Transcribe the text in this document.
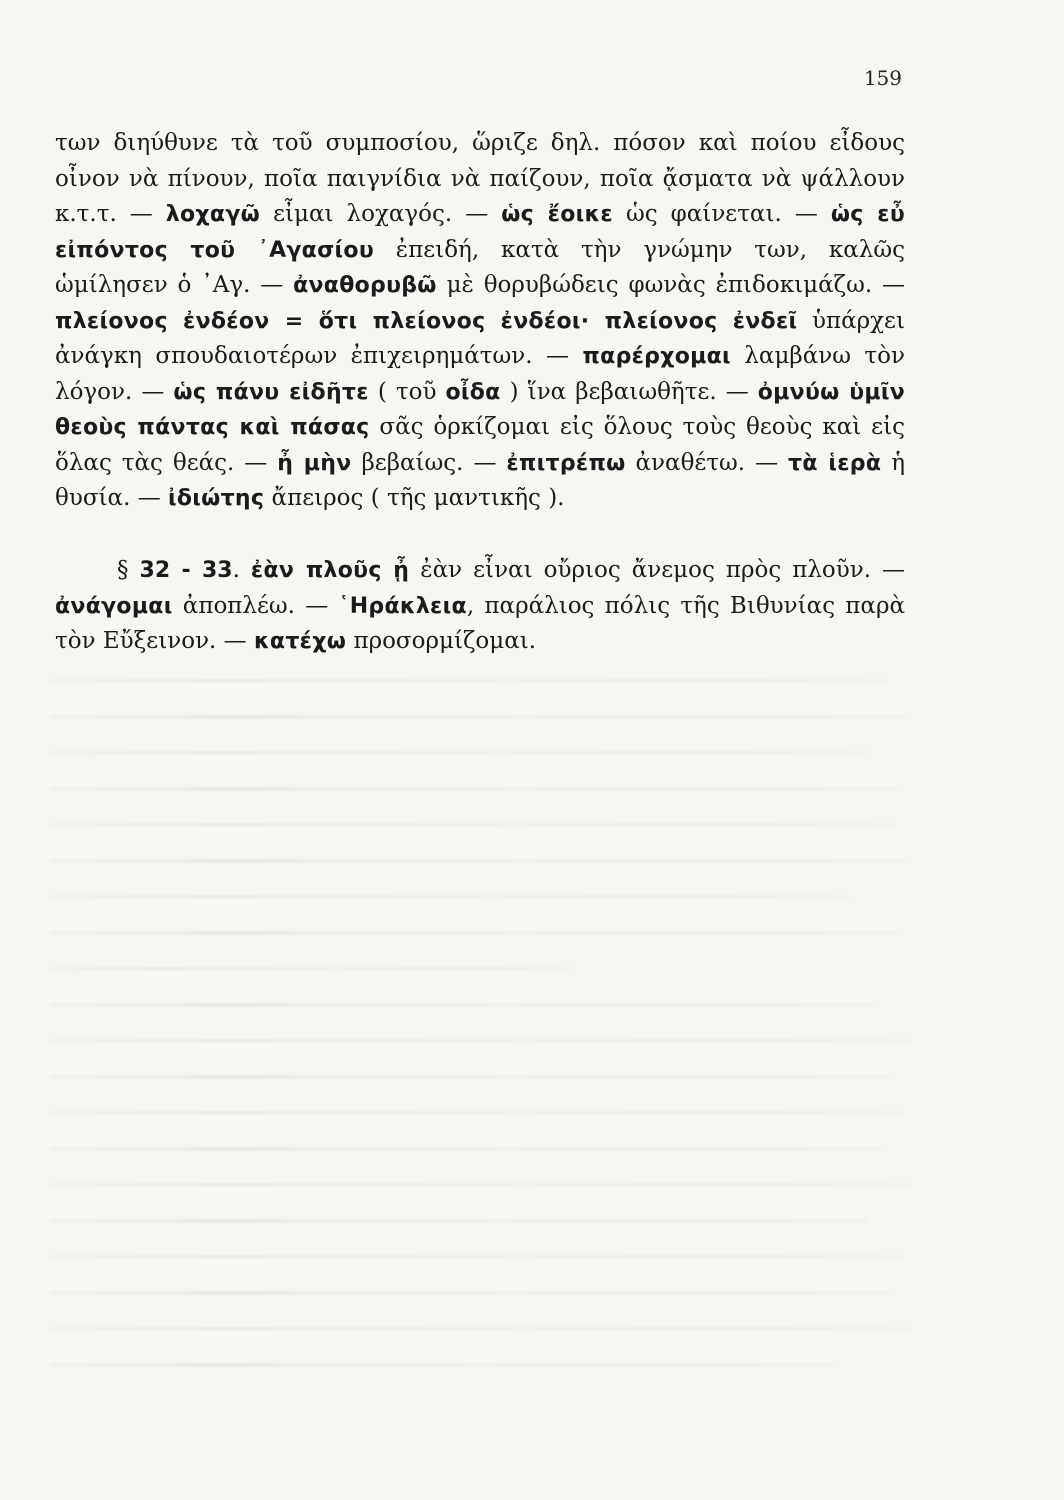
159

των διηύθυνε τὰ τοῦ συμποσίου, ὥριζε δηλ. πόσον καὶ ποίου εἶδους οἶνον νὰ πίνουν, ποῖα παιγνίδια νὰ παίζουν, ποῖα ᾄσματα νὰ ψάλλουν κ.τ.τ. — λοχαγῶ εἶμαι λοχαγός. — ὡς ἔοικε ὡς φαίνεται. — ὡς εὖ εἰπόντος τοῦ ᾿Αγασίου ἐπειδή, κατὰ τὴν γνώμην των, καλῶς ὡμίλησεν ὁ ᾿Αγ. — ἀναθορυβῶ μὲ θορυβώδεις φωνὰς ἐπιδοκιμάζω. — πλείονος ἐνδέον = ὅτι πλείονος ἐνδέοι· πλείονος ἐνδεῖ ὑπάρχει ἀνάγκη σπουδαιοτέρων ἐπιχειρημάτων. — παρέρχομαι λαμβάνω τὸν λόγον. — ὡς πάνυ εἰδῆτε ( τοῦ οἶδα ) ἵνα βεβαιωθῆτε. — ὀμνύω ὑμῖν θεοὺς πάντας καὶ πάσας σᾶς ὁρκίζομαι εἰς ὅλους τοὺς θεοὺς καὶ εἰς ὅλας τὰς θεάς. — ἦ μὴν βεβαίως. — ἐπιτρέπω ἀναθέτω. — τὰ ἱερὰ ἡ θυσία. — ἰδιώτης ἄπειρος ( τῆς μαντικῆς ).

§ 32 - 33. ἐὰν πλοῦς ᾖ ἐὰν εἶναι οὔριος ἄνεμος πρὸς πλοῦν. — ἀνάγομαι ἀποπλέω. — ῾Ηράκλεια, παράλιος πόλις τῆς Βιθυνίας παρὰ τὸν Εὔξεινον. — κατέχω προσορμίζομαι.
